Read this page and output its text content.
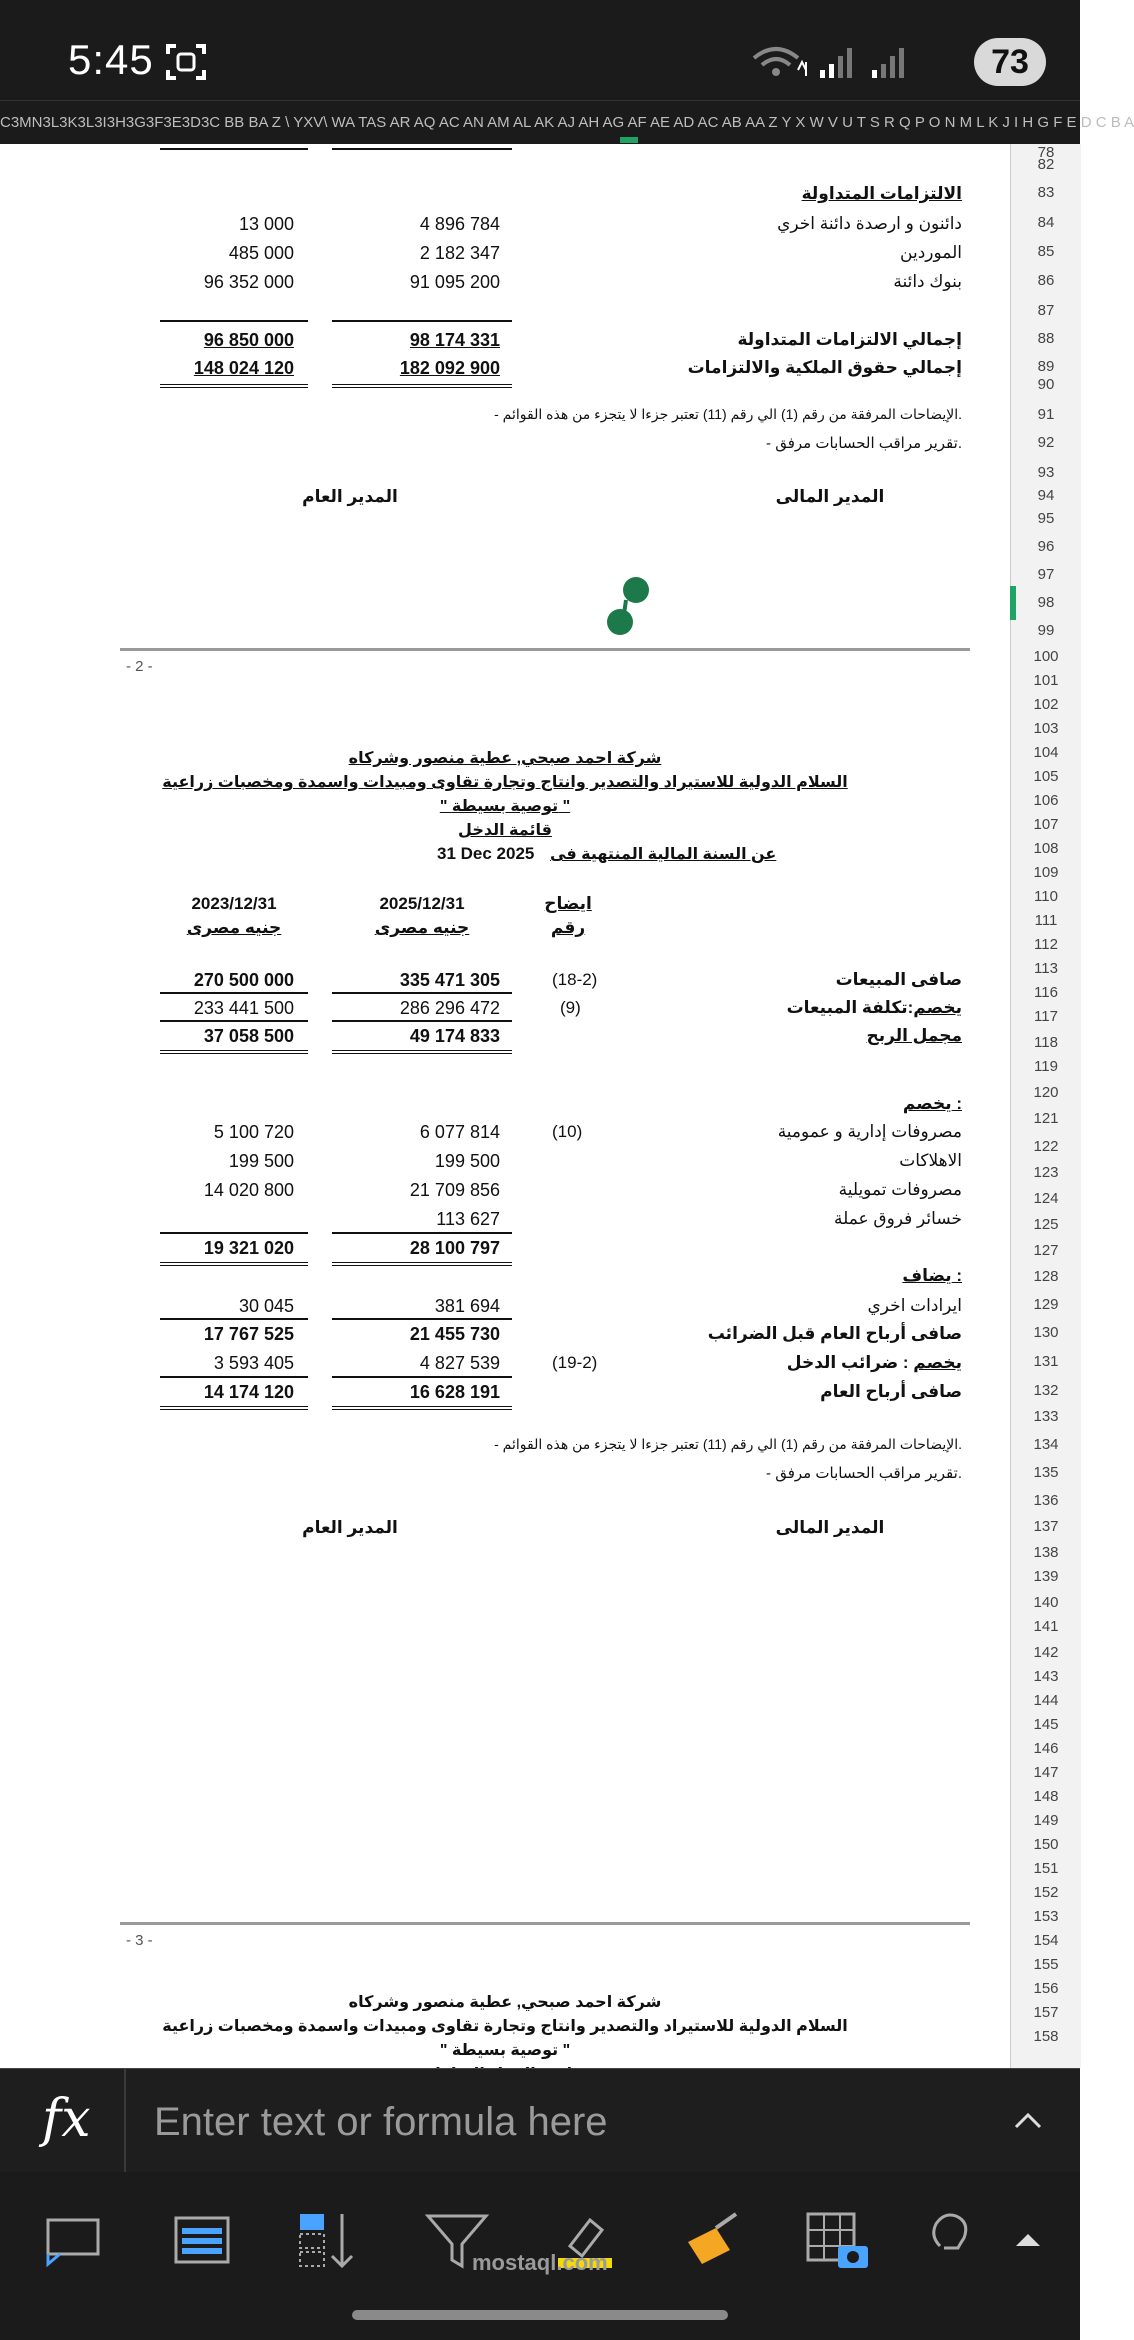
5:45	73
C3MN3L3K3L3I3H3G3F3E3D3C BB BA Z \ YXV\ WA TAS AR AQ AC AN AM AL AK AJ AH AG AF AE AD AC AB AA Z Y X W V U T S R Q P O N M L K J I H G F E D C B A
الالتزامات المتداولة
دائنون و ارصدة دائنة اخري
4 896 784
13 000
الموردين
2 182 347
485 000
بنوك دائنة
91 095 200
96 352 000
إجمالي الالتزامات المتداولة
98 174 331
96 850 000
إجمالي حقوق الملكية والالتزامات
182 092 900
148 024 120
- الإيضاحات المرفقة من رقم (1) الي رقم (11) تعتبر جزءا لا يتجزء من هذه القوائم.
- تقرير مراقب الحسابات مرفق.
المدير المالى
المدير العام
- 2 -
شركة احمد صبحي, عطية منصور وشركاه
السلام الدولية للاستيراد والتصدير وانتاج وتجارة تقاوى ومبيدات واسمدة ومخصبات زراعية
" توصية بسيطة "
قائمة الدخل
31 Dec 2025 عن السنة المالية المنتهية فى
ايضاح
رقم
2025/12/31
جنيه مصرى
2023/12/31
جنيه مصرى
صافى المبيعات
(18-2)
335 471 305
270 500 000
يخصم:تكلفة المبيعات
(9)
286 296 472
233 441 500
مجمل الربح
49 174 833
37 058 500
يخصم :
مصروفات إدارية و عمومية
(10)
6 077 814
5 100 720
الاهلاكات
199 500
199 500
مصروفات تمويلية
21 709 856
14 020 800
خسائر فروق عملة
113 627
28 100 797
19 321 020
يضاف :
ايرادات اخري
381 694
30 045
صافى أرباح العام قبل الضرائب
21 455 730
17 767 525
يخصم : ضرائب الدخل
(19-2)
4 827 539
3 593 405
صافى أرباح العام
16 628 191
14 174 120
- الإيضاحات المرفقة من رقم (1) الي رقم (11) تعتبر جزءا لا يتجزء من هذه القوائم.
- تقرير مراقب الحسابات مرفق.
المدير المالى
المدير العام
- 3 -
شركة احمد صبحي, عطية منصور وشركاه
السلام الدولية للاستيراد والتصدير وانتاج وتجارة تقاوى ومبيدات واسمدة ومخصبات زراعية
" توصية بسيطة "
78
82
83
84
85
86
87
88
89
90
91
92
93
94
95
96
97
98
99
100
101
102
103
104
105
106
107
108
109
110
111
112
113
116
117
118
119
120
121
122
123
124
125
127
128
129
130
131
132
133
134
135
136
137
138
139
140
141
142
143
144
145
146
147
148
149
150
151
152
153
154
155
156
157
158
fx
Enter text or formula here
mostaql.com
